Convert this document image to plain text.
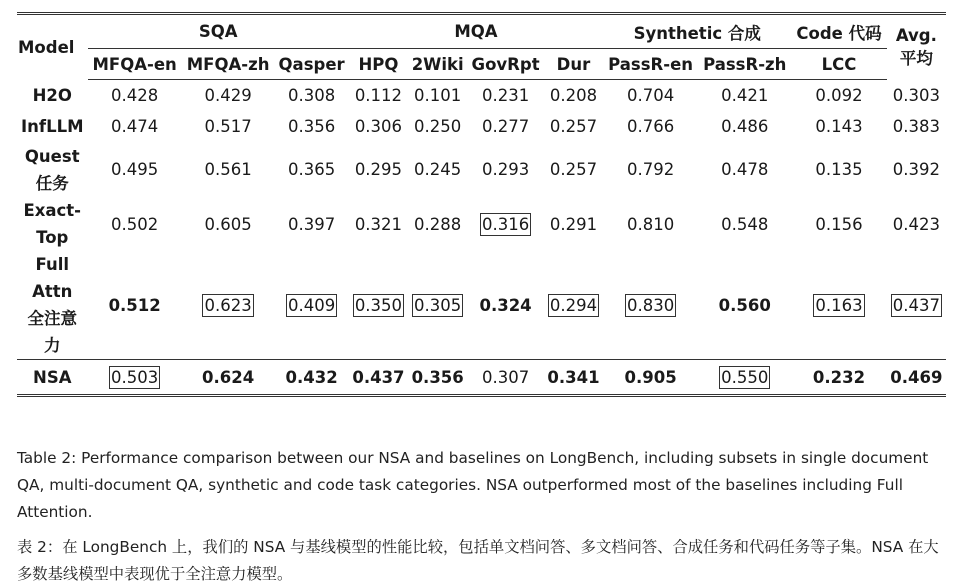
Model	SQA			MQA				Synthetic 合成		Code 代码	Avg.
平均
	MFQA-en	MFQA-zh	Qasper	HPQ	2Wiki	GovRpt	Dur	PassR-en	PassR-zh	LCC	
H2O	0.428	0.429	0.308	0.112	0.101	0.231	0.208	0.704	0.421	0.092	0.303
InfLLM	0.474	0.517	0.356	0.306	0.250	0.277	0.257	0.766	0.486	0.143	0.383
Quest
任务	0.495	0.561	0.365	0.295	0.245	0.293	0.257	0.792	0.478	0.135	0.392
Exact-
Top	0.502	0.605	0.397	0.321	0.288	0.316	0.291	0.810	0.548	0.156	0.423
Full
Attn
全注意
力	0.512	0.623	0.409	0.350	0.305	0.324	0.294	0.830	0.560	0.163	0.437
NSA	0.503	0.624	0.432	0.437	0.356	0.307	0.341	0.905	0.550	0.232	0.469

Table 2: Performance comparison between our NSA and baselines on LongBench, including subsets in single document QA, multi-document QA, synthetic and code task categories. NSA outperformed most of the baselines including Full Attention.

表 2：在 LongBench 上，我们的 NSA 与基线模型的性能比较，包括单文档问答、多文档问答、合成任务和代码任务等子集。NSA 在大多数基线模型中表现优于全注意力模型。
